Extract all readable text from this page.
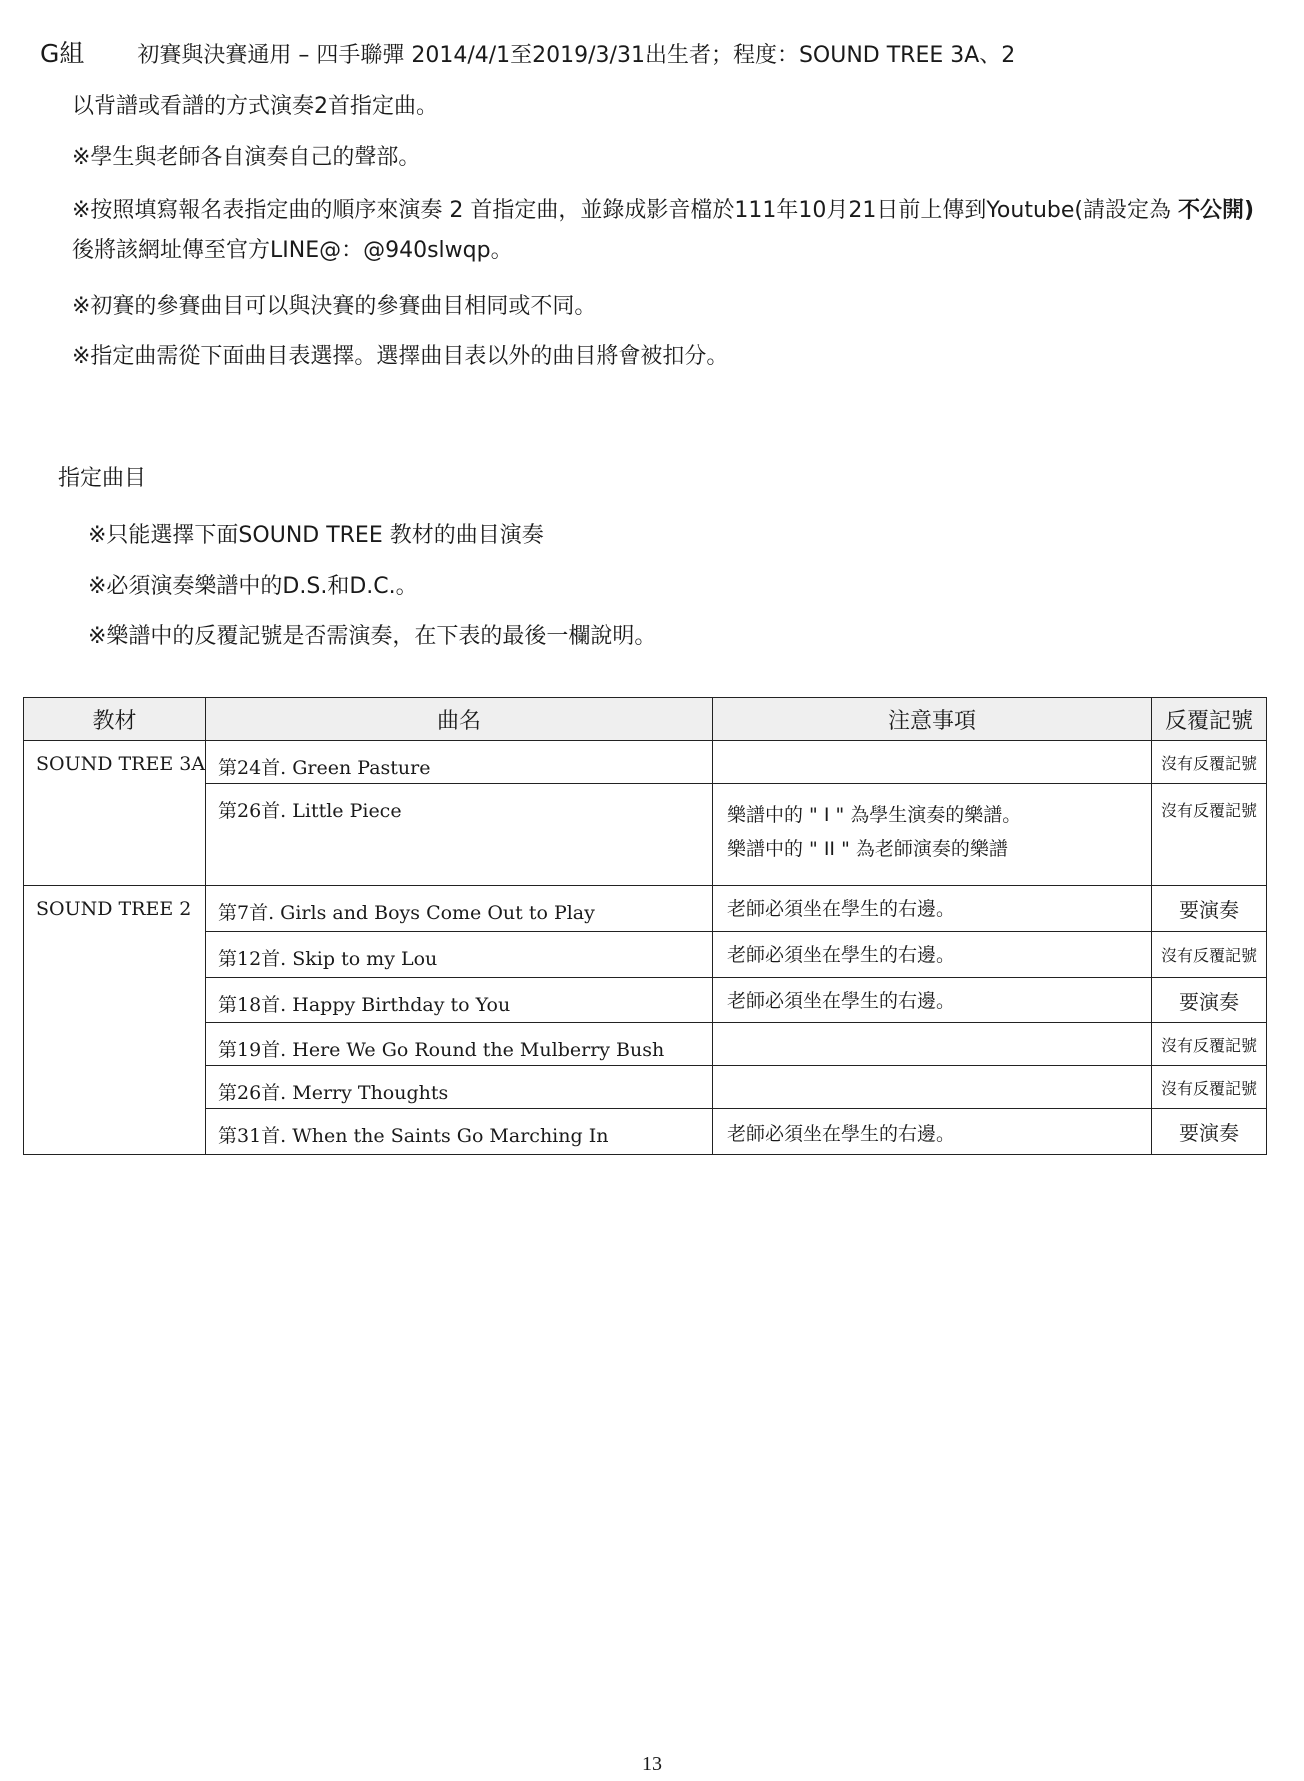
G組 初賽與決賽通用 – 四手聯彈 2014/4/1至2019/3/31出生者；程度：SOUND TREE 3A、2
以背譜或看譜的方式演奏2首指定曲。
※學生與老師各自演奏自己的聲部。
※按照填寫報名表指定曲的順序來演奏 2 首指定曲，並錄成影音檔於111年10月21日前上傳到Youtube(請設定為 不公開)
後將該網址傳至官方LINE@：@940slwqp。
※初賽的參賽曲目可以與決賽的參賽曲目相同或不同。
※指定曲需從下面曲目表選擇。選擇曲目表以外的曲目將會被扣分。
指定曲目
※只能選擇下面SOUND TREE 教材的曲目演奏
※必須演奏樂譜中的D.S.和D.C.。
※樂譜中的反覆記號是否需演奏，在下表的最後一欄說明。
教材	曲名	注意事項	反覆記號
SOUND TREE 3A	第24首. Green Pasture		沒有反覆記號
	第26首. Little Piece	樂譜中的 " I " 為學生演奏的樂譜。
樂譜中的 " II " 為老師演奏的樂譜	沒有反覆記號
SOUND TREE 2	第7首. Girls and Boys Come Out to Play	老師必須坐在學生的右邊。	要演奏
	第12首. Skip to my Lou	老師必須坐在學生的右邊。	沒有反覆記號
	第18首. Happy Birthday to You	老師必須坐在學生的右邊。	要演奏
	第19首. Here We Go Round the Mulberry Bush		沒有反覆記號
	第26首. Merry Thoughts		沒有反覆記號
	第31首. When the Saints Go Marching In	老師必須坐在學生的右邊。	要演奏
13
